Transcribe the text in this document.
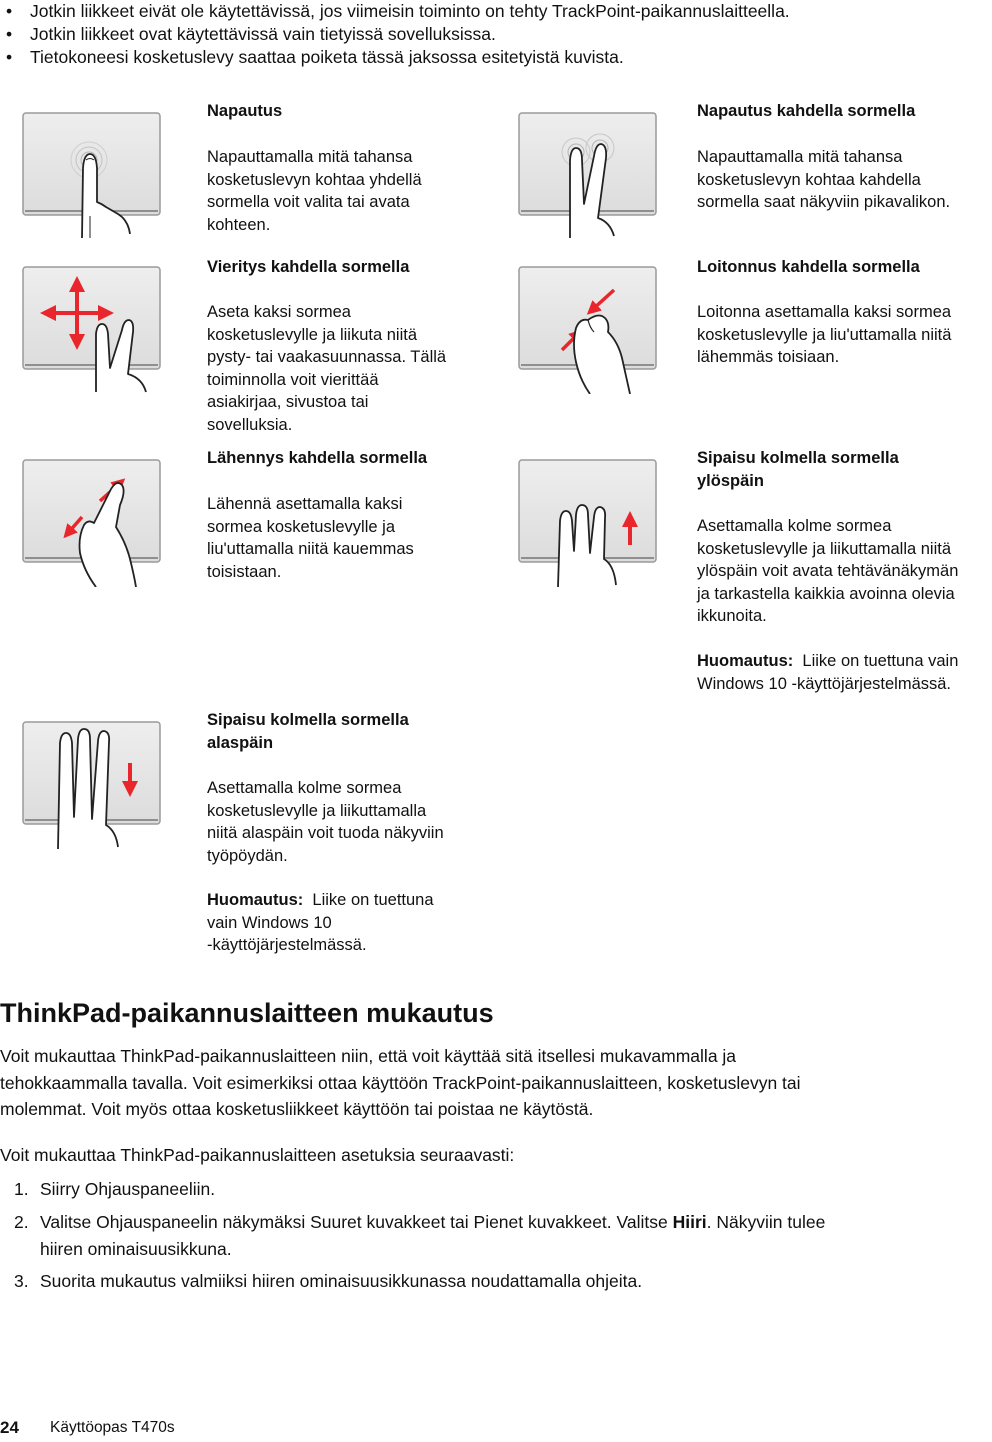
• Jotkin liikkeet eivät ole käytettävissä, jos viimeisin toiminto on tehty TrackPoint-paikannuslaitteella.
• Jotkin liikkeet ovat käytettävissä vain tietyissä sovelluksissa.
• Tietokoneesi kosketuslevy saattaa poiketa tässä jaksossa esitetyistä kuvista.
Napautus
Napauttamalla mitä tahansa
kosketuslevyn kohtaa yhdellä
sormella voit valita tai avata
kohteen.
Napautus kahdella sormella
Napauttamalla mitä tahansa
kosketuslevyn kohtaa kahdella
sormella saat näkyviin pikavalikon.
Vieritys kahdella sormella
Aseta kaksi sormea
kosketuslevylle ja liikuta niitä
pysty- tai vaakasuunnassa. Tällä
toiminnolla voit vierittää
asiakirjaa, sivustoa tai
sovelluksia.
Loitonnus kahdella sormella
Loitonna asettamalla kaksi sormea
kosketuslevylle ja liu'uttamalla niitä
lähemmäs toisiaan.
Lähennys kahdella sormella
Lähennä asettamalla kaksi
sormea kosketuslevylle ja
liu'uttamalla niitä kauemmas
toisistaan.
Sipaisu kolmella sormella
ylöspäin
Asettamalla kolme sormea
kosketuslevylle ja liikuttamalla niitä
ylöspäin voit avata tehtävänäkymän
ja tarkastella kaikkia avoinna olevia
ikkunoita.
Huomautus: Liike on tuettuna vain
Windows 10 -käyttöjärjestelmässä.
Sipaisu kolmella sormella
alaspäin
Asettamalla kolme sormea
kosketuslevylle ja liikuttamalla
niitä alaspäin voit tuoda näkyviin
työpöydän.
Huomautus: Liike on tuettuna
vain Windows 10
-käyttöjärjestelmässä.
ThinkPad-paikannuslaitteen mukautus
Voit mukauttaa ThinkPad-paikannuslaitteen niin, että voit käyttää sitä itsellesi mukavammalla ja
tehokkaammalla tavalla. Voit esimerkiksi ottaa käyttöön TrackPoint-paikannuslaitteen, kosketuslevyn tai
molemmat. Voit myös ottaa kosketusliikkeet käyttöön tai poistaa ne käytöstä.
Voit mukauttaa ThinkPad-paikannuslaitteen asetuksia seuraavasti:
1. Siirry Ohjauspaneeliin.
2. Valitse Ohjauspaneelin näkymäksi Suuret kuvakkeet tai Pienet kuvakkeet. Valitse Hiiri. Näkyviin tulee
hiiren ominaisuusikkuna.
3. Suorita mukautus valmiiksi hiiren ominaisuusikkunassa noudattamalla ohjeita.
24 Käyttöopas T470s
